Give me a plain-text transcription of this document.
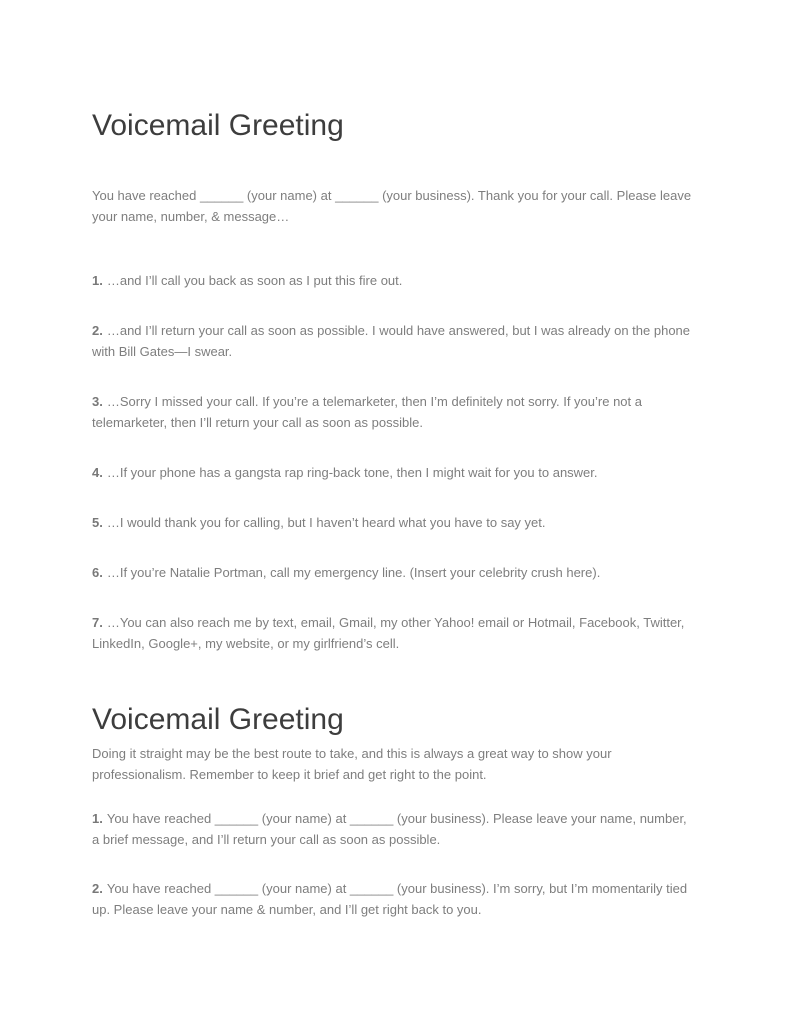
Voicemail Greeting

You have reached ______ (your name) at ______ (your business). Thank you for your call. Please leave your name, number, & message…

1. …and I’ll call you back as soon as I put this fire out.

2. …and I’ll return your call as soon as possible. I would have answered, but I was already on the phone with Bill Gates—I swear.

3. …Sorry I missed your call. If you’re a telemarketer, then I’m definitely not sorry. If you’re not a telemarketer, then I’ll return your call as soon as possible.

4. …If your phone has a gangsta rap ring-back tone, then I might wait for you to answer.

5. …I would thank you for calling, but I haven’t heard what you have to say yet.

6. …If you’re Natalie Portman, call my emergency line. (Insert your celebrity crush here).

7. …You can also reach me by text, email, Gmail, my other Yahoo! email or Hotmail, Facebook, Twitter, LinkedIn, Google+, my website, or my girlfriend’s cell.

Voicemail Greeting

Doing it straight may be the best route to take, and this is always a great way to show your professionalism. Remember to keep it brief and get right to the point.

1. You have reached ______ (your name) at ______ (your business). Please leave your name, number, a brief message, and I’ll return your call as soon as possible.

2. You have reached ______ (your name) at ______ (your business). I’m sorry, but I’m momentarily tied up. Please leave your name & number, and I’ll get right back to you.
